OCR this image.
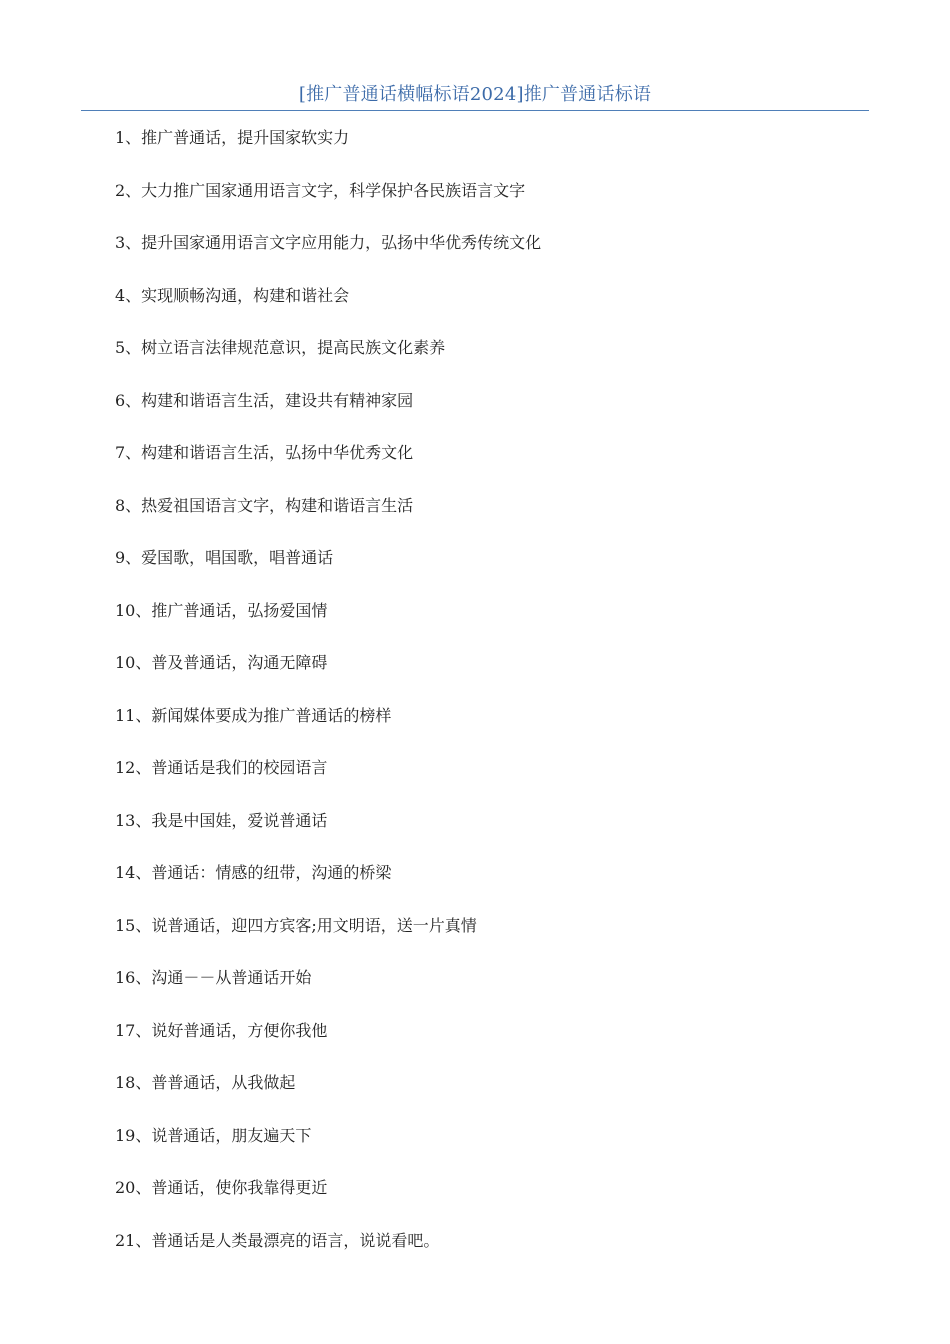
[推广普通话横幅标语2024]推广普通话标语
1、推广普通话，提升国家软实力
2、大力推广国家通用语言文字，科学保护各民族语言文字
3、提升国家通用语言文字应用能力，弘扬中华优秀传统文化
4、实现顺畅沟通，构建和谐社会
5、树立语言法律规范意识，提高民族文化素养
6、构建和谐语言生活，建设共有精神家园
7、构建和谐语言生活，弘扬中华优秀文化
8、热爱祖国语言文字，构建和谐语言生活
9、爱国歌，唱国歌，唱普通话
10、推广普通话，弘扬爱国情
10、普及普通话，沟通无障碍
11、新闻媒体要成为推广普通话的榜样
12、普通话是我们的校园语言
13、我是中国娃，爱说普通话
14、普通话：情感的纽带，沟通的桥梁
15、说普通话，迎四方宾客;用文明语，送一片真情
16、沟通－－从普通话开始
17、说好普通话，方便你我他
18、普普通话，从我做起
19、说普通话，朋友遍天下
20、普通话，使你我靠得更近
21、普通话是人类最漂亮的语言，说说看吧。
